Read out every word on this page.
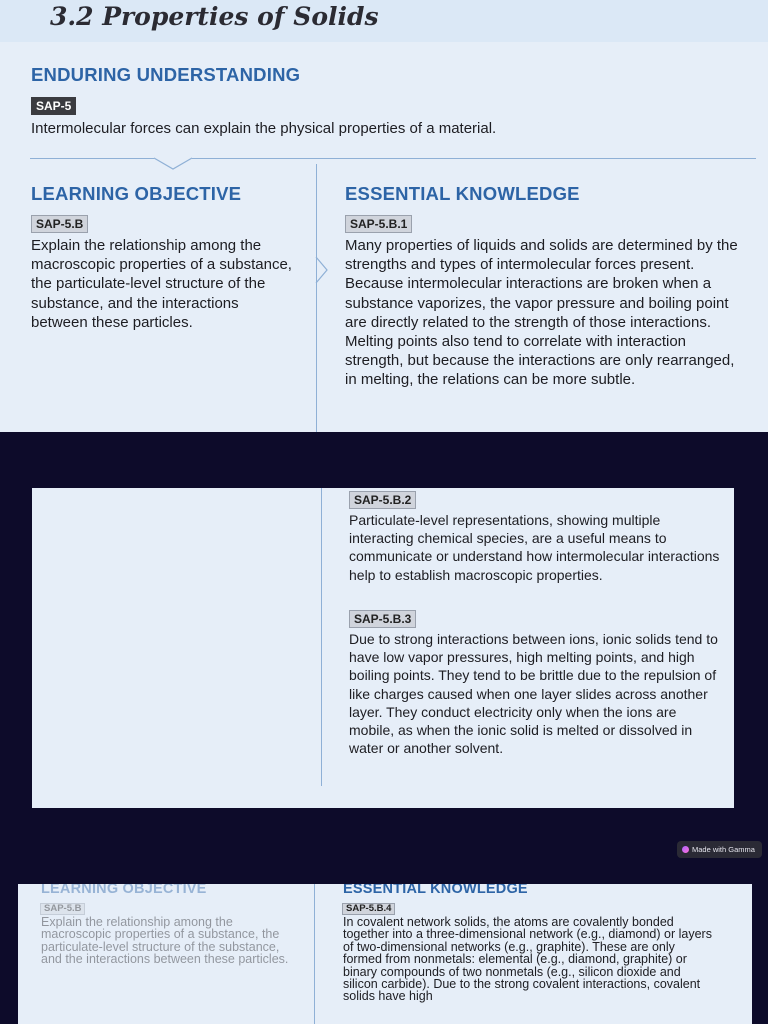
3.2 Properties of Solids
ENDURING UNDERSTANDING
SAP-5

Intermolecular forces can explain the physical properties of a material.

LEARNING OBJECTIVE
SAP-5.B

Explain the relationship among the macroscopic properties of a substance, the particulate-level structure of the substance, and the interactions between these particles.

ESSENTIAL KNOWLEDGE
SAP-5.B.1

Many properties of liquids and solids are determined by the strengths and types of intermolecular forces present. Because intermolecular interactions are broken when a substance vaporizes, the vapor pressure and boiling point are directly related to the strength of those interactions. Melting points also tend to correlate with interaction strength, but because the interactions are only rearranged, in melting, the relations can be more subtle.

SAP-5.B.2

Particulate-level representations, showing multiple interacting chemical species, are a useful means to communicate or understand how intermolecular interactions help to establish macroscopic properties.

SAP-5.B.3

Due to strong interactions between ions, ionic solids tend to have low vapor pressures, high melting points, and high boiling points. They tend to be brittle due to the repulsion of like charges caused when one layer slides across another layer. They conduct electricity only when the ions are mobile, as when the ionic solid is melted or dissolved in water or another solvent.

Made with Gamma
LEARNING OBJECTIVE
SAP-5.B

Explain the relationship among the macroscopic properties of a substance, the particulate-level structure of the substance, and the interactions between these particles.

ESSENTIAL KNOWLEDGE
SAP-5.B.4

In covalent network solids, the atoms are covalently bonded together into a three-dimensional network (e.g., diamond) or layers of two-dimensional networks (e.g., graphite). These are only formed from nonmetals: elemental (e.g., diamond, graphite) or binary compounds of two nonmetals (e.g., silicon dioxide and silicon carbide). Due to the strong covalent interactions, covalent solids have high
